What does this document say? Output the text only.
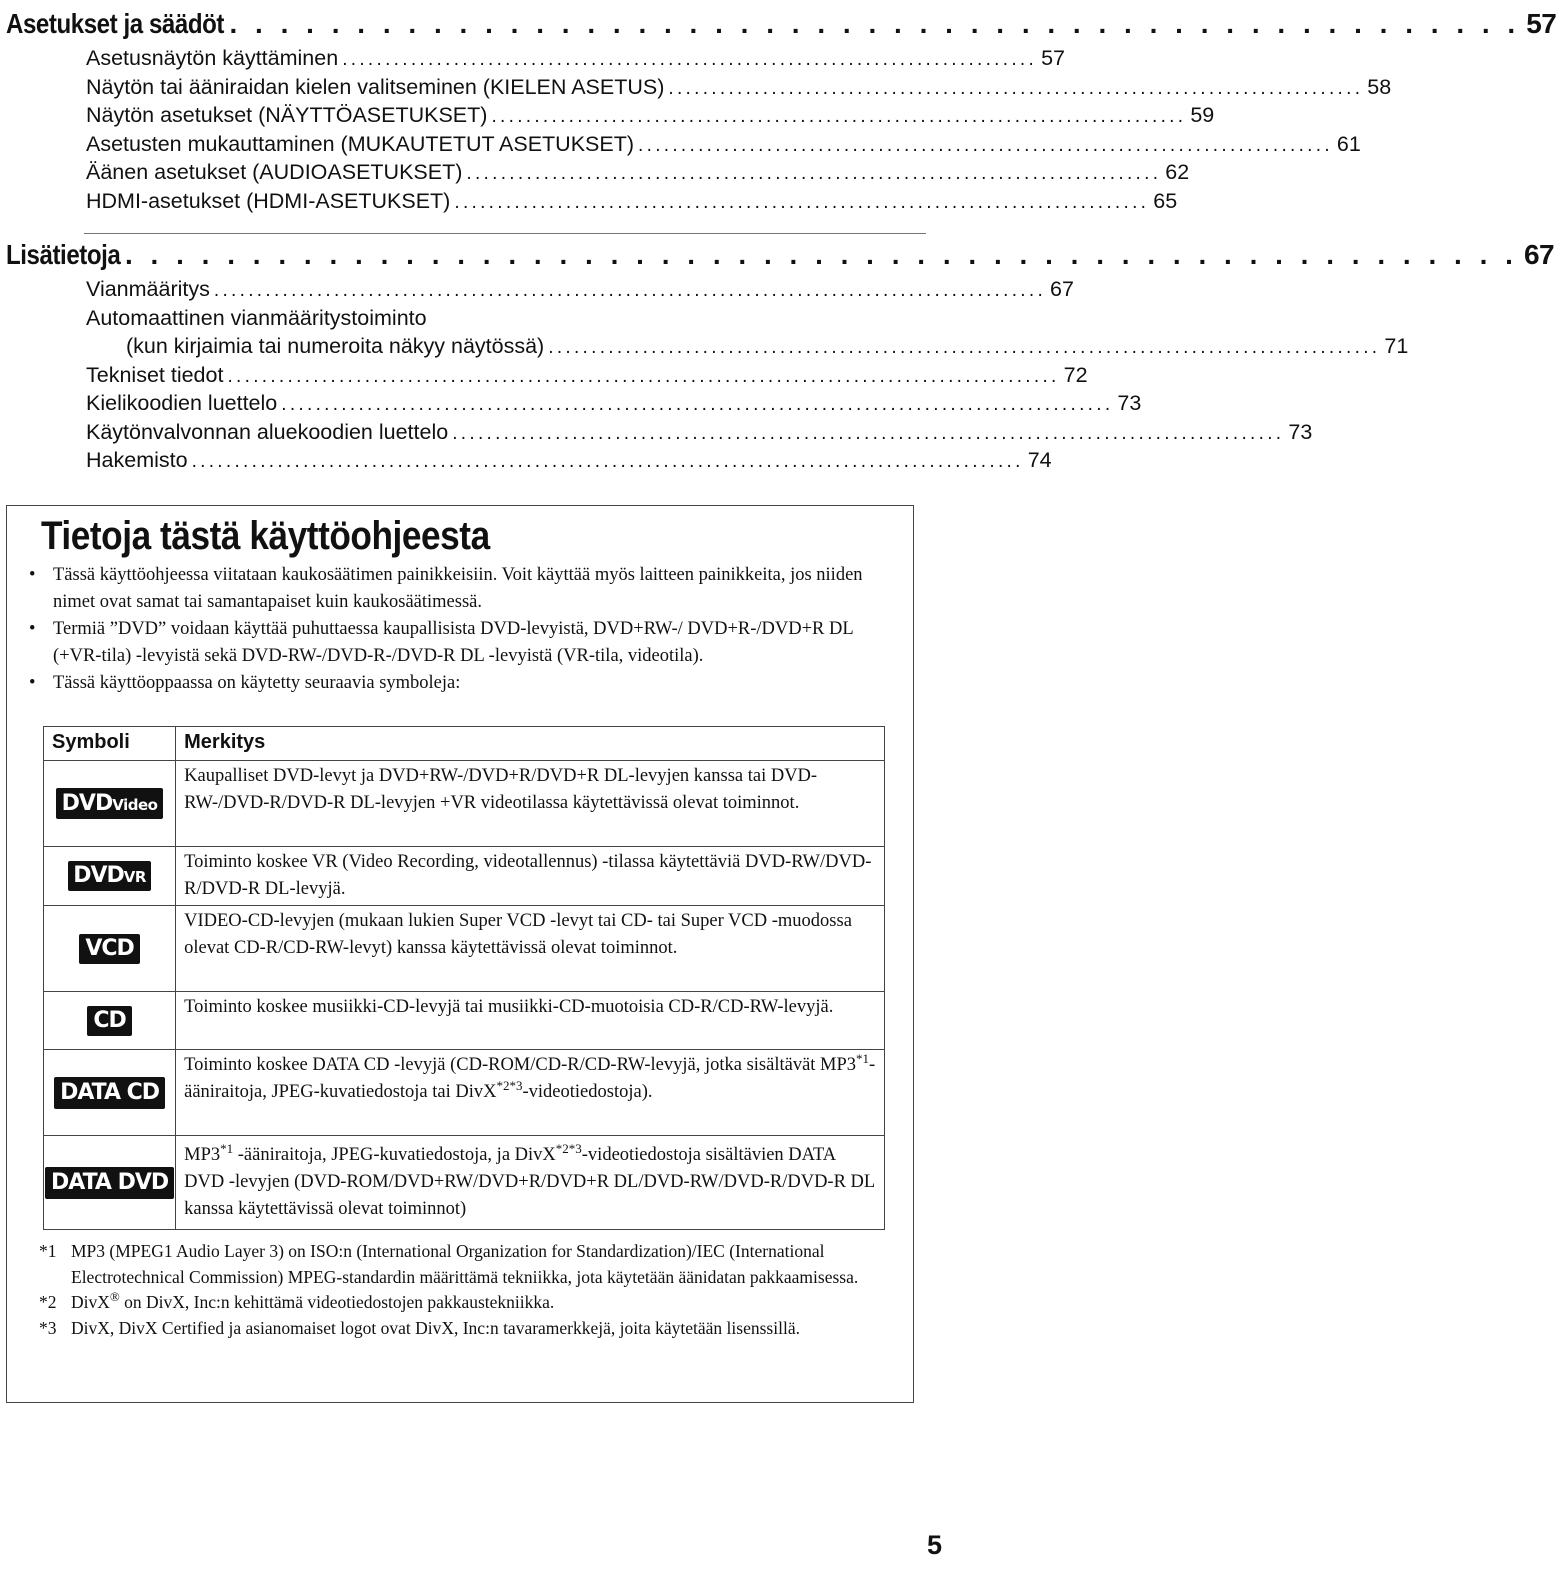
Asetukset ja säädöt . . . . . . . . . . . . . . . . . . . . . . . . . . . . . . . . . . . . . . . . . . . . . . . . . . . 57
Asetusnäytön käyttäminen ................................................................................. 57
Näytön tai ääniraidan kielen valitseminen (KIELEN ASETUS) ................................................................................. 58
Näytön asetukset (NÄYTTÖASETUKSET) ................................................................................. 59
Asetusten mukauttaminen (MUKAUTETUT ASETUKSET) ................................................................................. 61
Äänen asetukset (AUDIOASETUKSET) ................................................................................. 62
HDMI-asetukset (HDMI-ASETUKSET) ................................................................................. 65
Lisätietoja . . . . . . . . . . . . . . . . . . . . . . . . . . . . . . . . . . . . . . . . . . . . . . . . . . . . . . . 67
Vianmääritys ................................................................................................. 67
Automaattinen vianmääritystoiminto
(kun kirjaimia tai numeroita näkyy näytössä) ................................................................................................. 71
Tekniset tiedot ................................................................................................. 72
Kielikoodien luettelo ................................................................................................. 73
Käytönvalvonnan aluekoodien luettelo ................................................................................................. 73
Hakemisto ................................................................................................. 74
Tietoja tästä käyttöohjeesta
• Tässä käyttöohjeessa viitataan kaukosäätimen painikkeisiin. Voit käyttää myös laitteen painikkeita, jos niiden nimet ovat samat tai samantapaiset kuin kaukosäätimessä.
• Termiä ”DVD” voidaan käyttää puhuttaessa kaupallisista DVD-levyistä, DVD+RW-/ DVD+R-/DVD+R DL (+VR-tila) -levyistä sekä DVD-RW-/DVD-R-/DVD-R DL -levyistä (VR-tila, videotila).
• Tässä käyttöoppaassa on käytetty seuraavia symboleja:
Symboli	Merkitys
DVDVideo	Kaupalliset DVD-levyt ja DVD+RW-/DVD+R/DVD+R DL-levyjen kanssa tai DVD-RW-/DVD-R/DVD-R DL-levyjen +VR videotilassa käytettävissä olevat toiminnot.
DVDVR	Toiminto koskee VR (Video Recording, videotallennus) -tilassa käytettäviä DVD-RW/DVD-R/DVD-R DL-levyjä.
VCD	VIDEO-CD-levyjen (mukaan lukien Super VCD -levyt tai CD- tai Super VCD -muodossa olevat CD-R/CD-RW-levyt) kanssa käytettävissä olevat toiminnot.
CD	Toiminto koskee musiikki-CD-levyjä tai musiikki-CD-muotoisia CD-R/CD-RW-levyjä.
DATA CD	Toiminto koskee DATA CD -levyjä (CD-ROM/CD-R/CD-RW-levyjä, jotka sisältävät MP3$^{*1}$-ääniraitoja, JPEG-kuvatiedostoja tai DivX$^{*2*3}$-videotiedostoja).
DATA DVD	MP3$^{*1}$ -ääniraitoja, JPEG-kuvatiedostoja, ja DivX$^{*2*3}$-videotiedostoja sisältävien DATA DVD -levyjen (DVD-ROM/DVD+RW/DVD+R/DVD+R DL/DVD-RW/DVD-R/DVD-R DL kanssa käytettävissä olevat toiminnot)
*1 MP3 (MPEG1 Audio Layer 3) on ISO:n (International Organization for Standardization)/IEC (International Electrotechnical Commission) MPEG-standardin määrittämä tekniikka, jota käytetään äänidatan pakkaamisessa.
*2 DivX® on DivX, Inc:n kehittämä videotiedostojen pakkaustekniikka.
*3 DivX, DivX Certified ja asianomaiset logot ovat DivX, Inc:n tavaramerkkejä, joita käytetään lisenssillä.
5
